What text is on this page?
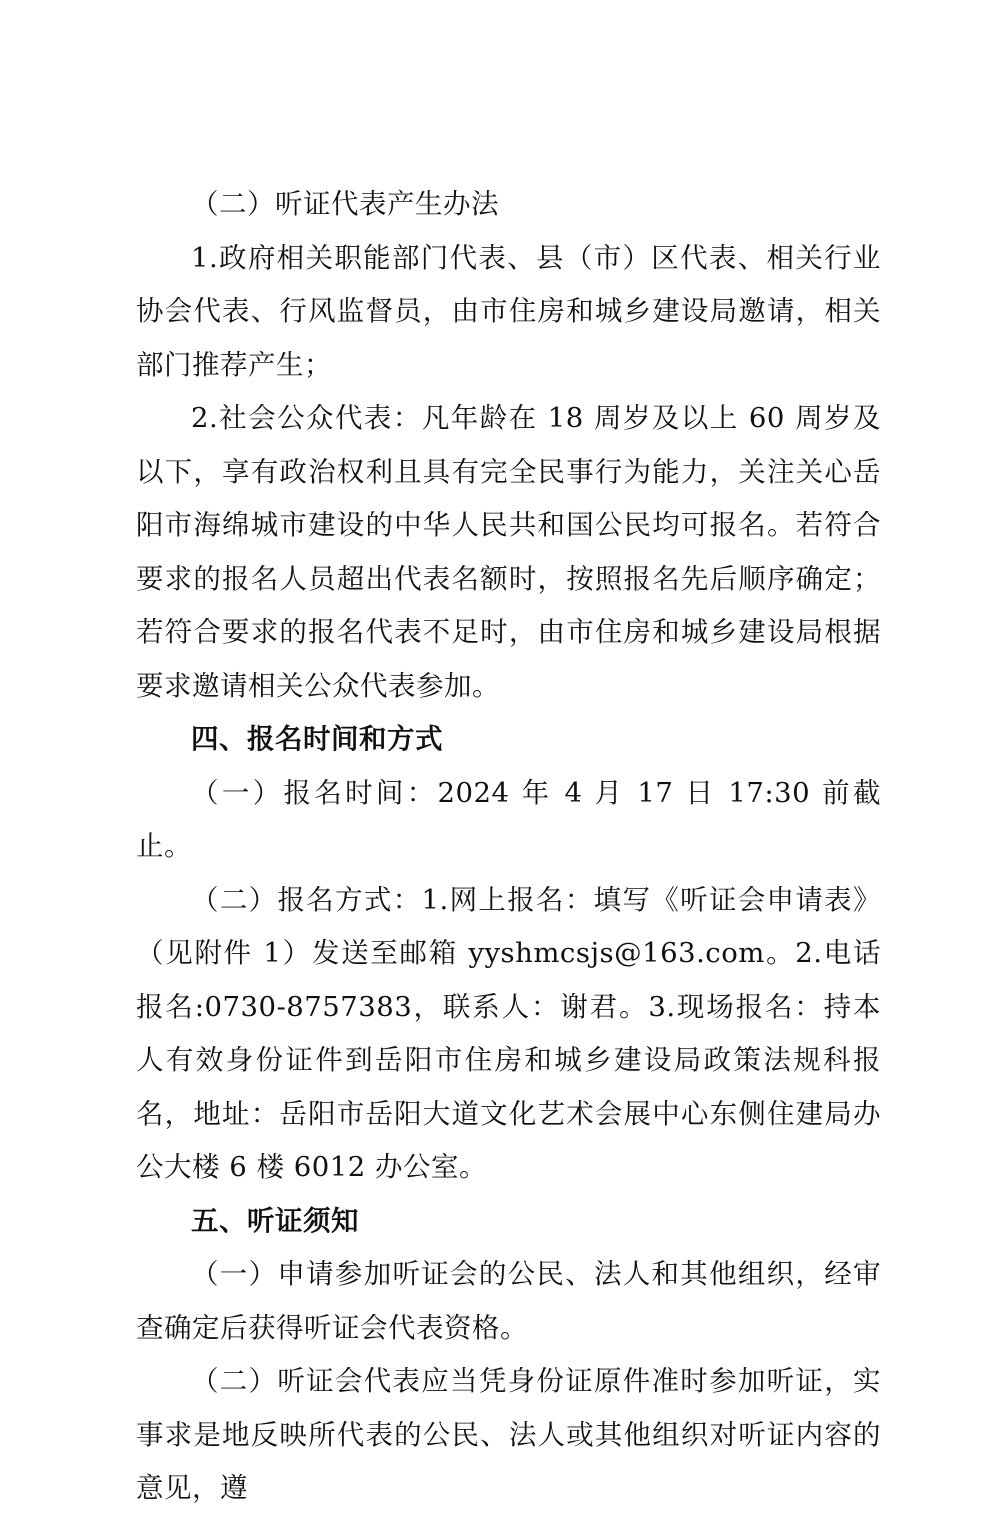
（二）听证代表产生办法

1.政府相关职能部门代表、县（市）区代表、相关行业协会代表、行风监督员，由市住房和城乡建设局邀请，相关部门推荐产生；

2.社会公众代表：凡年龄在 18 周岁及以上 60 周岁及以下，享有政治权利且具有完全民事行为能力，关注关心岳阳市海绵城市建设的中华人民共和国公民均可报名。若符合要求的报名人员超出代表名额时，按照报名先后顺序确定；若符合要求的报名代表不足时，由市住房和城乡建设局根据要求邀请相关公众代表参加。

四、报名时间和方式

（一）报名时间：2024 年 4 月 17 日 17:30 前截止。

（二）报名方式：1.网上报名：填写《听证会申请表》（见附件 1）发送至邮箱 yyshmcsjs@163.com。2.电话报名:0730-8757383，联系人：谢君。3.现场报名：持本人有效身份证件到岳阳市住房和城乡建设局政策法规科报名，地址：岳阳市岳阳大道文化艺术会展中心东侧住建局办公大楼 6 楼 6012 办公室。

五、听证须知

（一）申请参加听证会的公民、法人和其他组织，经审查确定后获得听证会代表资格。

（二）听证会代表应当凭身份证原件准时参加听证，实事求是地反映所代表的公民、法人或其他组织对听证内容的意见，遵
